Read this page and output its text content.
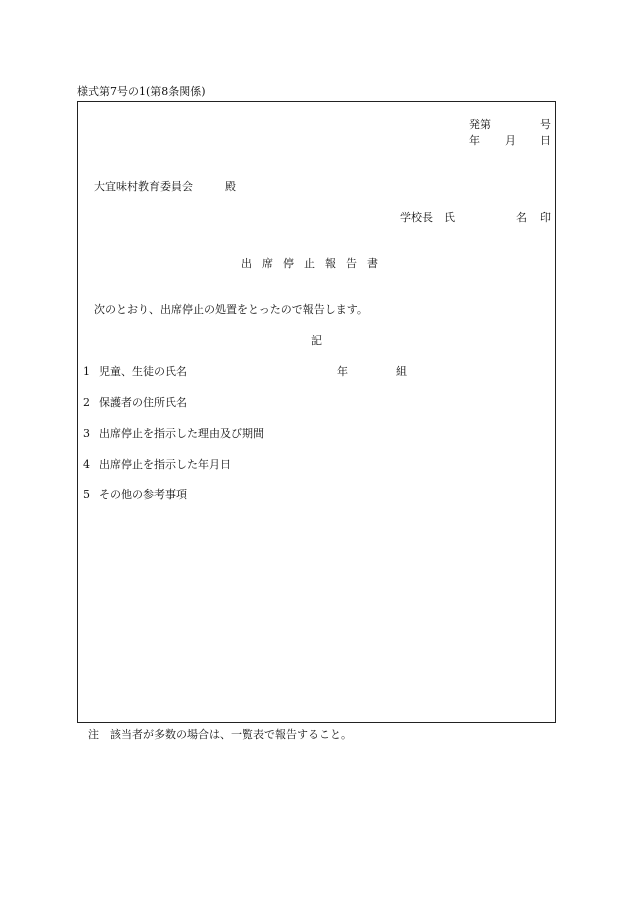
様式第7号の1(第8条関係)
発第	号
年 月 日
大宜味村教育委員会	殿
学校長　氏	名 印
出 席 停 止 報 告 書
次のとおり、出席停止の処置をとったので報告します。
記
1 児童、生徒の氏名	年	組
2 保護者の住所氏名
3 出席停止を指示した理由及び期間
4 出席停止を指示した年月日
5 その他の参考事項
注　該当者が多数の場合は、一覧表で報告すること。
